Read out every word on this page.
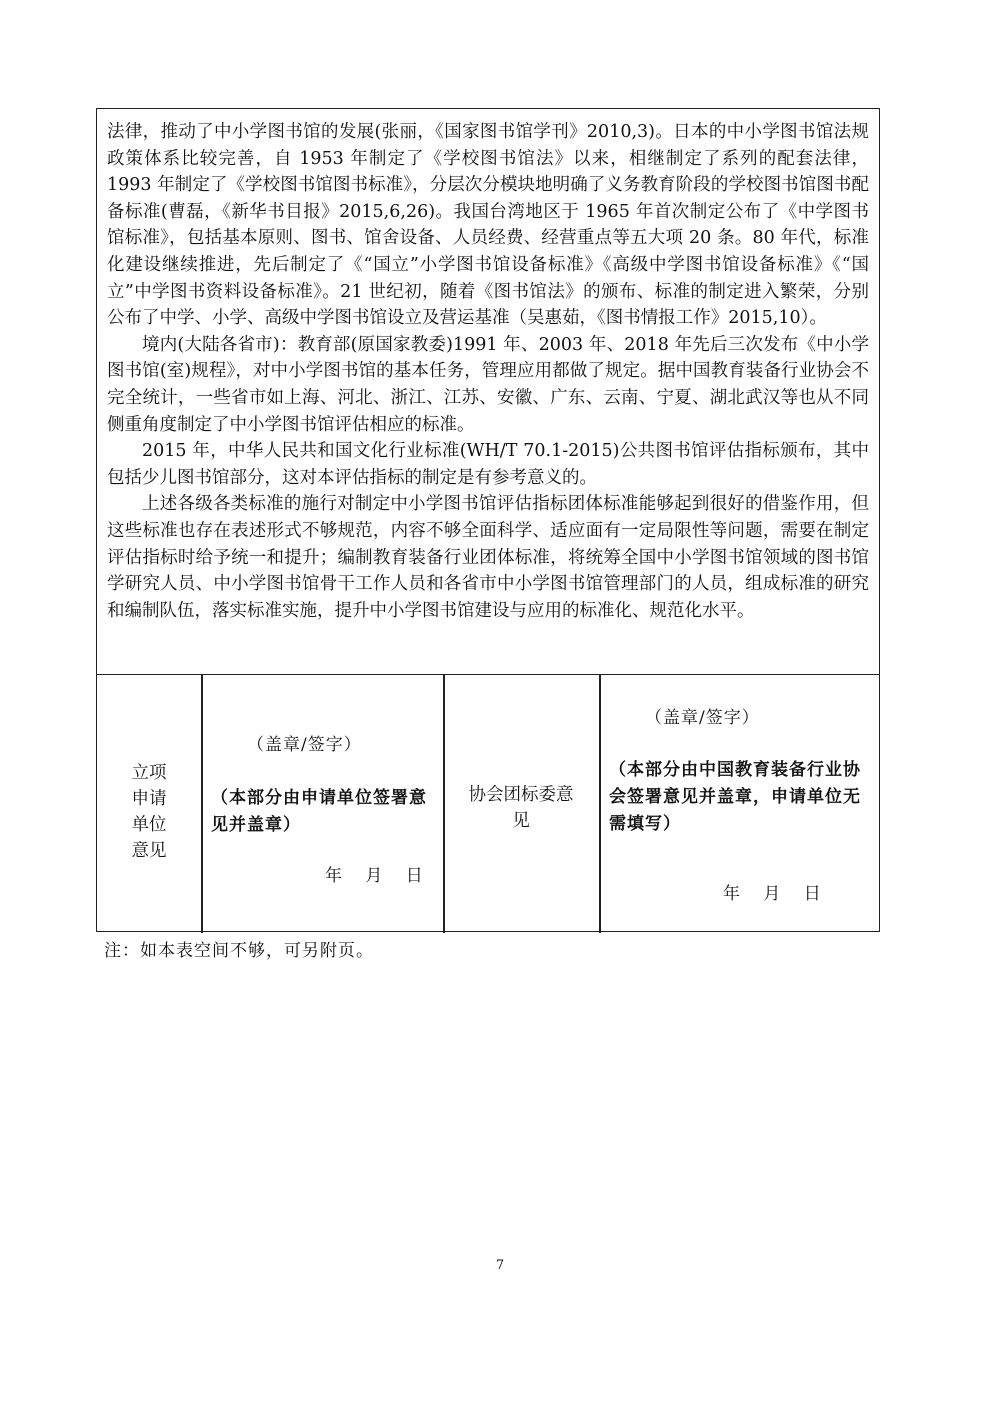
法律，推动了中小学图书馆的发展(张丽，《国家图书馆学刊》2010,3)。日本的中小学图书馆法规政策体系比较完善，自 1953 年制定了《学校图书馆法》以来，相继制定了系列的配套法律，1993 年制定了《学校图书馆图书标准》，分层次分模块地明确了义务教育阶段的学校图书馆图书配备标准(曹磊，《新华书目报》2015,6,26)。我国台湾地区于 1965 年首次制定公布了《中学图书馆标准》，包括基本原则、图书、馆舍设备、人员经费、经营重点等五大项 20 条。80 年代，标准化建设继续推进，先后制定了《“国立”小学图书馆设备标准》《高级中学图书馆设备标准》《“国立”中学图书资料设备标准》。21 世纪初，随着《图书馆法》的颁布、标准的制定进入繁荣，分别公布了中学、小学、高级中学图书馆设立及营运基准（吴惠茹，《图书情报工作》2015,10）。

境内(大陆各省市)：教育部(原国家教委)1991 年、2003 年、2018 年先后三次发布《中小学图书馆(室)规程》，对中小学图书馆的基本任务，管理应用都做了规定。据中国教育装备行业协会不完全统计，一些省市如上海、河北、浙江、江苏、安徽、广东、云南、宁夏、湖北武汉等也从不同侧重角度制定了中小学图书馆评估相应的标准。

2015 年，中华人民共和国文化行业标准(WH/T 70.1-2015)公共图书馆评估指标颁布，其中包括少儿图书馆部分，这对本评估指标的制定是有参考意义的。

上述各级各类标准的施行对制定中小学图书馆评估指标团体标准能够起到很好的借鉴作用，但这些标准也存在表述形式不够规范，内容不够全面科学、适应面有一定局限性等问题，需要在制定评估指标时给予统一和提升；编制教育装备行业团体标准，将统筹全国中小学图书馆领域的图书馆学研究人员、中小学图书馆骨干工作人员和各省市中小学图书馆管理部门的人员，组成标准的研究和编制队伍，落实标准实施，提升中小学图书馆建设与应用的标准化、规范化水平。

立项申请单位意见
（盖章/签字）
（本部分由申请单位签署意见并盖章）
年 月 日
协会团标委意见
（盖章/签字）
（本部分由中国教育装备行业协会签署意见并盖章，申请单位无需填写）
年 月 日
注：如本表空间不够，可另附页。
7
